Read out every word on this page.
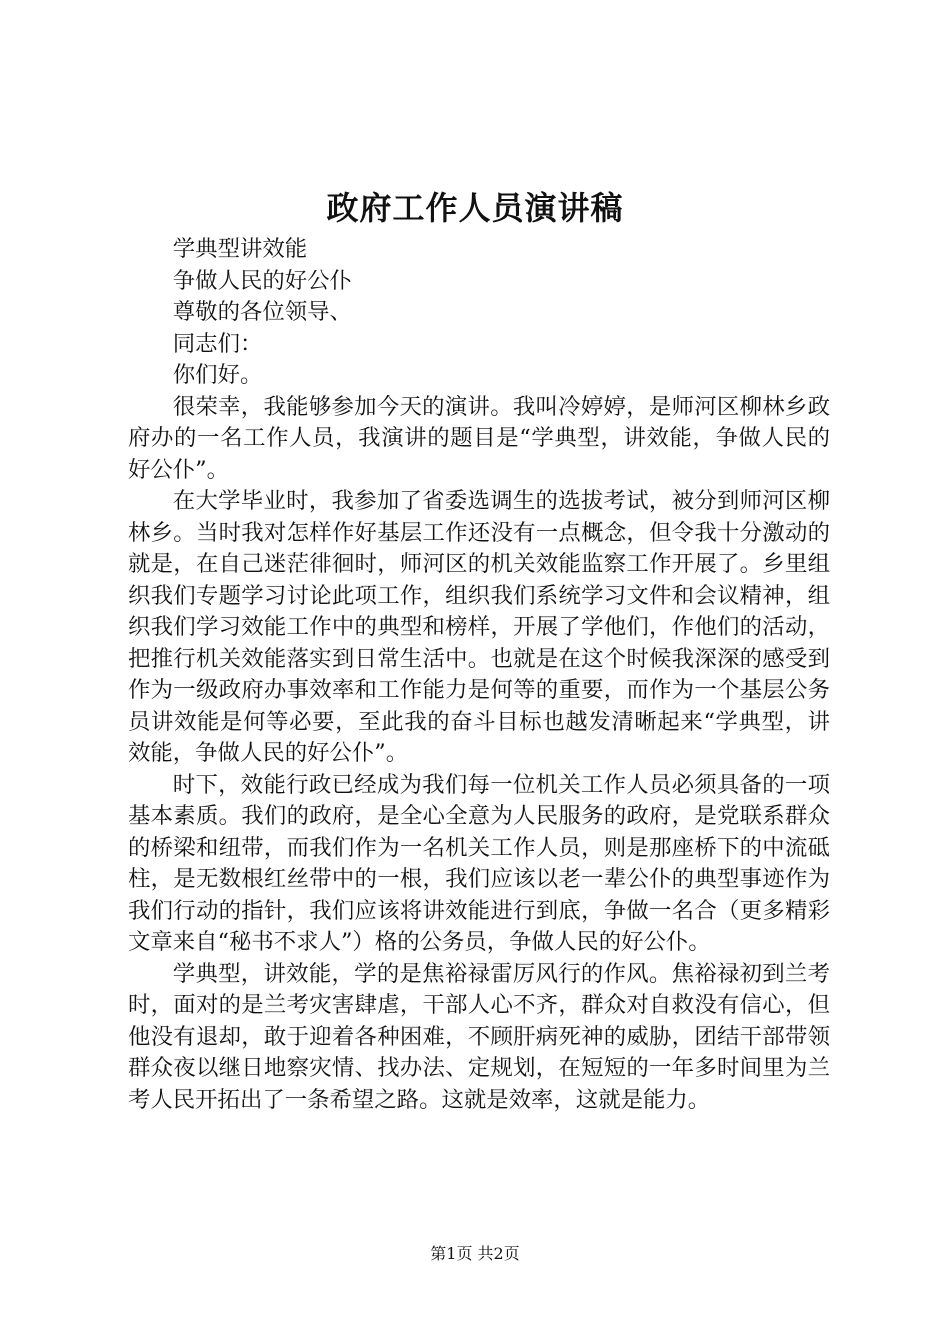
政府工作人员演讲稿

学典型讲效能

争做人民的好公仆

尊敬的各位领导、

同志们：

你们好。

很荣幸，我能够参加今天的演讲。我叫冷婷婷，是师河区柳林乡政府办的一名工作人员，我演讲的题目是“学典型，讲效能，争做人民的好公仆”。

在大学毕业时，我参加了省委选调生的选拔考试，被分到师河区柳林乡。当时我对怎样作好基层工作还没有一点概念，但令我十分激动的就是，在自己迷茫徘徊时，师河区的机关效能监察工作开展了。乡里组织我们专题学习讨论此项工作，组织我们系统学习文件和会议精神，组织我们学习效能工作中的典型和榜样，开展了学他们，作他们的活动，把推行机关效能落实到日常生活中。也就是在这个时候我深深的感受到作为一级政府办事效率和工作能力是何等的重要，而作为一个基层公务员讲效能是何等必要，至此我的奋斗目标也越发清晰起来“学典型，讲效能，争做人民的好公仆”。

时下，效能行政已经成为我们每一位机关工作人员必须具备的一项基本素质。我们的政府，是全心全意为人民服务的政府，是党联系群众的桥梁和纽带，而我们作为一名机关工作人员，则是那座桥下的中流砥柱，是无数根红丝带中的一根，我们应该以老一辈公仆的典型事迹作为我们行动的指针，我们应该将讲效能进行到底，争做一名合（更多精彩文章来自“秘书不求人”）格的公务员，争做人民的好公仆。

学典型，讲效能，学的是焦裕禄雷厉风行的作风。焦裕禄初到兰考时，面对的是兰考灾害肆虐，干部人心不齐，群众对自救没有信心，但他没有退却，敢于迎着各种困难，不顾肝病死神的威胁，团结干部带领群众夜以继日地察灾情、找办法、定规划，在短短的一年多时间里为兰考人民开拓出了一条希望之路。这就是效率，这就是能力。

第1页 共2页
